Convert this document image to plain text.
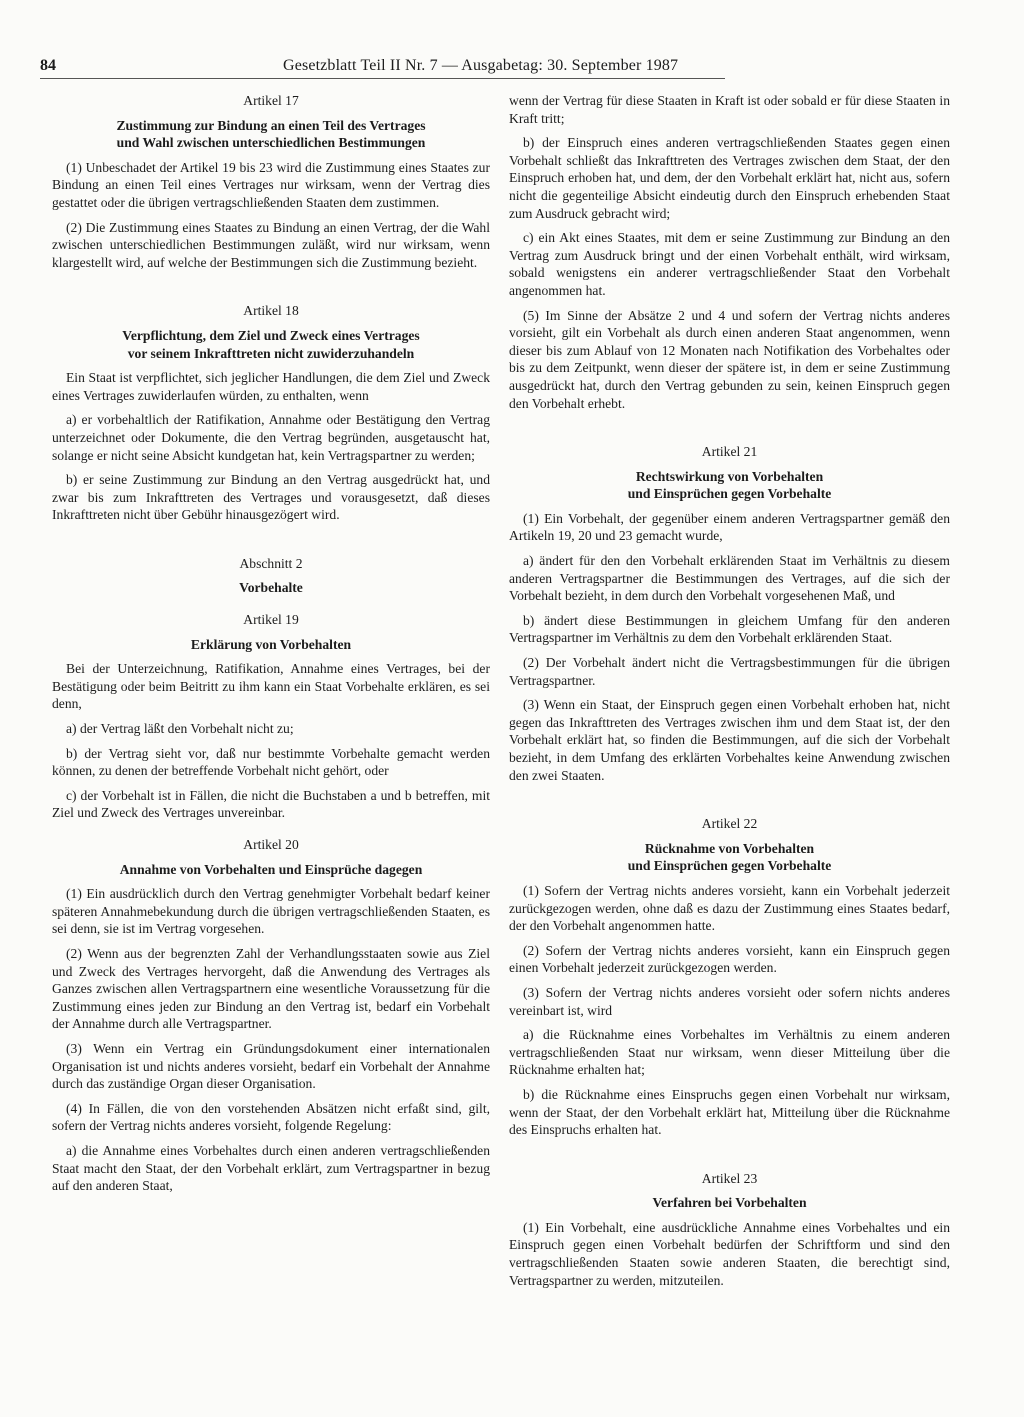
84	Gesetzblatt Teil II Nr. 7 — Ausgabetag: 30. September 1987

Artikel 17

Zustimmung zur Bindung an einen Teil des Vertrages

und Wahl zwischen unterschiedlichen Bestimmungen

(1) Unbeschadet der Artikel 19 bis 23 wird die Zustimmung eines Staates zur Bindung an einen Teil eines Vertrages nur wirksam, wenn der Vertrag dies gestattet oder die übrigen vertragschließenden Staaten dem zustimmen.

(2) Die Zustimmung eines Staates zu Bindung an einen Vertrag, der die Wahl zwischen unterschiedlichen Bestimmungen zuläßt, wird nur wirksam, wenn klargestellt wird, auf welche der Bestimmungen sich die Zustimmung bezieht.

Artikel 18

Verpflichtung, dem Ziel und Zweck eines Vertrages

vor seinem Inkrafttreten nicht zuwiderzuhandeln

Ein Staat ist verpflichtet, sich jeglicher Handlungen, die dem Ziel und Zweck eines Vertrages zuwiderlaufen würden, zu enthalten, wenn

a) er vorbehaltlich der Ratifikation, Annahme oder Bestätigung den Vertrag unterzeichnet oder Dokumente, die den Vertrag begründen, ausgetauscht hat, solange er nicht seine Absicht kundgetan hat, kein Vertragspartner zu werden;

b) er seine Zustimmung zur Bindung an den Vertrag ausgedrückt hat, und zwar bis zum Inkrafttreten des Vertrages und vorausgesetzt, daß dieses Inkrafttreten nicht über Gebühr hinausgezögert wird.

Abschnitt 2

Vorbehalte

Artikel 19

Erklärung von Vorbehalten

Bei der Unterzeichnung, Ratifikation, Annahme eines Vertrages, bei der Bestätigung oder beim Beitritt zu ihm kann ein Staat Vorbehalte erklären, es sei denn,

a) der Vertrag läßt den Vorbehalt nicht zu;

b) der Vertrag sieht vor, daß nur bestimmte Vorbehalte gemacht werden können, zu denen der betreffende Vorbehalt nicht gehört, oder

c) der Vorbehalt ist in Fällen, die nicht die Buchstaben a und b betreffen, mit Ziel und Zweck des Vertrages unvereinbar.

Artikel 20

Annahme von Vorbehalten und Einsprüche dagegen

(1) Ein ausdrücklich durch den Vertrag genehmigter Vorbehalt bedarf keiner späteren Annahmebekundung durch die übrigen vertragschließenden Staaten, es sei denn, sie ist im Vertrag vorgesehen.

(2) Wenn aus der begrenzten Zahl der Verhandlungsstaaten sowie aus Ziel und Zweck des Vertrages hervorgeht, daß die Anwendung des Vertrages als Ganzes zwischen allen Vertragspartnern eine wesentliche Voraussetzung für die Zustimmung eines jeden zur Bindung an den Vertrag ist, bedarf ein Vorbehalt der Annahme durch alle Vertragspartner.

(3) Wenn ein Vertrag ein Gründungsdokument einer internationalen Organisation ist und nichts anderes vorsieht, bedarf ein Vorbehalt der Annahme durch das zuständige Organ dieser Organisation.

(4) In Fällen, die von den vorstehenden Absätzen nicht erfaßt sind, gilt, sofern der Vertrag nichts anderes vorsieht, folgende Regelung:

a) die Annahme eines Vorbehaltes durch einen anderen vertragschließenden Staat macht den Staat, der den Vorbehalt erklärt, zum Vertragspartner in bezug auf den anderen Staat,

wenn der Vertrag für diese Staaten in Kraft ist oder sobald er für diese Staaten in Kraft tritt;

b) der Einspruch eines anderen vertragschließenden Staates gegen einen Vorbehalt schließt das Inkrafttreten des Vertrages zwischen dem Staat, der den Einspruch erhoben hat, und dem, der den Vorbehalt erklärt hat, nicht aus, sofern nicht die gegenteilige Absicht eindeutig durch den Einspruch erhebenden Staat zum Ausdruck gebracht wird;

c) ein Akt eines Staates, mit dem er seine Zustimmung zur Bindung an den Vertrag zum Ausdruck bringt und der einen Vorbehalt enthält, wird wirksam, sobald wenigstens ein anderer vertragschließender Staat den Vorbehalt angenommen hat.

(5) Im Sinne der Absätze 2 und 4 und sofern der Vertrag nichts anderes vorsieht, gilt ein Vorbehalt als durch einen anderen Staat angenommen, wenn dieser bis zum Ablauf von 12 Monaten nach Notifikation des Vorbehaltes oder bis zu dem Zeitpunkt, wenn dieser der spätere ist, in dem er seine Zustimmung ausgedrückt hat, durch den Vertrag gebunden zu sein, keinen Einspruch gegen den Vorbehalt erhebt.

Artikel 21

Rechtswirkung von Vorbehalten

und Einsprüchen gegen Vorbehalte

(1) Ein Vorbehalt, der gegenüber einem anderen Vertragspartner gemäß den Artikeln 19, 20 und 23 gemacht wurde,

a) ändert für den den Vorbehalt erklärenden Staat im Verhältnis zu diesem anderen Vertragspartner die Bestimmungen des Vertrages, auf die sich der Vorbehalt bezieht, in dem durch den Vorbehalt vorgesehenen Maß, und

b) ändert diese Bestimmungen in gleichem Umfang für den anderen Vertragspartner im Verhältnis zu dem den Vorbehalt erklärenden Staat.

(2) Der Vorbehalt ändert nicht die Vertragsbestimmungen für die übrigen Vertragspartner.

(3) Wenn ein Staat, der Einspruch gegen einen Vorbehalt erhoben hat, nicht gegen das Inkrafttreten des Vertrages zwischen ihm und dem Staat ist, der den Vorbehalt erklärt hat, so finden die Bestimmungen, auf die sich der Vorbehalt bezieht, in dem Umfang des erklärten Vorbehaltes keine Anwendung zwischen den zwei Staaten.

Artikel 22

Rücknahme von Vorbehalten

und Einsprüchen gegen Vorbehalte

(1) Sofern der Vertrag nichts anderes vorsieht, kann ein Vorbehalt jederzeit zurückgezogen werden, ohne daß es dazu der Zustimmung eines Staates bedarf, der den Vorbehalt angenommen hatte.

(2) Sofern der Vertrag nichts anderes vorsieht, kann ein Einspruch gegen einen Vorbehalt jederzeit zurückgezogen werden.

(3) Sofern der Vertrag nichts anderes vorsieht oder sofern nichts anderes vereinbart ist, wird

a) die Rücknahme eines Vorbehaltes im Verhältnis zu einem anderen vertragschließenden Staat nur wirksam, wenn dieser Mitteilung über die Rücknahme erhalten hat;

b) die Rücknahme eines Einspruchs gegen einen Vorbehalt nur wirksam, wenn der Staat, der den Vorbehalt erklärt hat, Mitteilung über die Rücknahme des Einspruchs erhalten hat.

Artikel 23

Verfahren bei Vorbehalten

(1) Ein Vorbehalt, eine ausdrückliche Annahme eines Vorbehaltes und ein Einspruch gegen einen Vorbehalt bedürfen der Schriftform und sind den vertragschließenden Staaten sowie anderen Staaten, die berechtigt sind, Vertragspartner zu werden, mitzuteilen.
